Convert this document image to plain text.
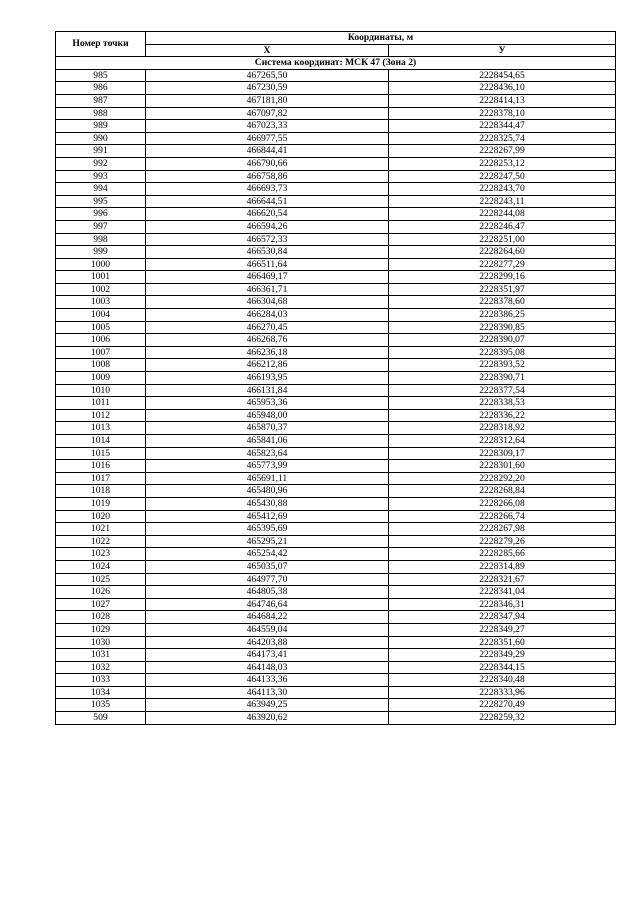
Номер точки	Координаты, м	
	Х	У
Система координат: МСК 47 (Зона 2)		
985	467265,50	2228454,65
986	467230,59	2228436,10
987	467181,80	2228414,13
988	467097,82	2228378,10
989	467023,33	2228344,47
990	466977,55	2228325,74
991	466844,41	2228267,99
992	466790,66	2228253,12
993	466758,86	2228247,50
994	466693,73	2228243,70
995	466644,51	2228243,11
996	466620,54	2228244,08
997	466594,26	2228246,47
998	466572,33	2228251,00
999	466530,84	2228264,60
1000	466511,64	2228277,29
1001	466469,17	2228299,16
1002	466361,71	2228351,97
1003	466304,68	2228378,60
1004	466284,03	2228386,25
1005	466270,45	2228390,85
1006	466268,76	2228390,07
1007	466236,18	2228395,08
1008	466212,86	2228393,52
1009	466193,95	2228390,71
1010	466131,84	2228377,54
1011	465953,36	2228338,53
1012	465948,00	2228336,22
1013	465870,37	2228318,92
1014	465841,06	2228312,64
1015	465823,64	2228309,17
1016	465773,99	2228301,60
1017	465691,11	2228292,20
1018	465480,96	2228268,84
1019	465430,88	2228266,08
1020	465412,69	2228266,74
1021	465395,69	2228267,98
1022	465295,21	2228279,26
1023	465254,42	2228285,66
1024	465035,07	2228314,89
1025	464977,70	2228321,67
1026	464805,38	2228341,04
1027	464746,64	2228346,31
1028	464684,22	2228347,94
1029	464559,04	2228349,27
1030	464203,88	2228351,60
1031	464173,41	2228349,29
1032	464148,03	2228344,15
1033	464133,36	2228340,48
1034	464113,30	2228333,96
1035	463949,25	2228270,49
509	463920,62	2228259,32
